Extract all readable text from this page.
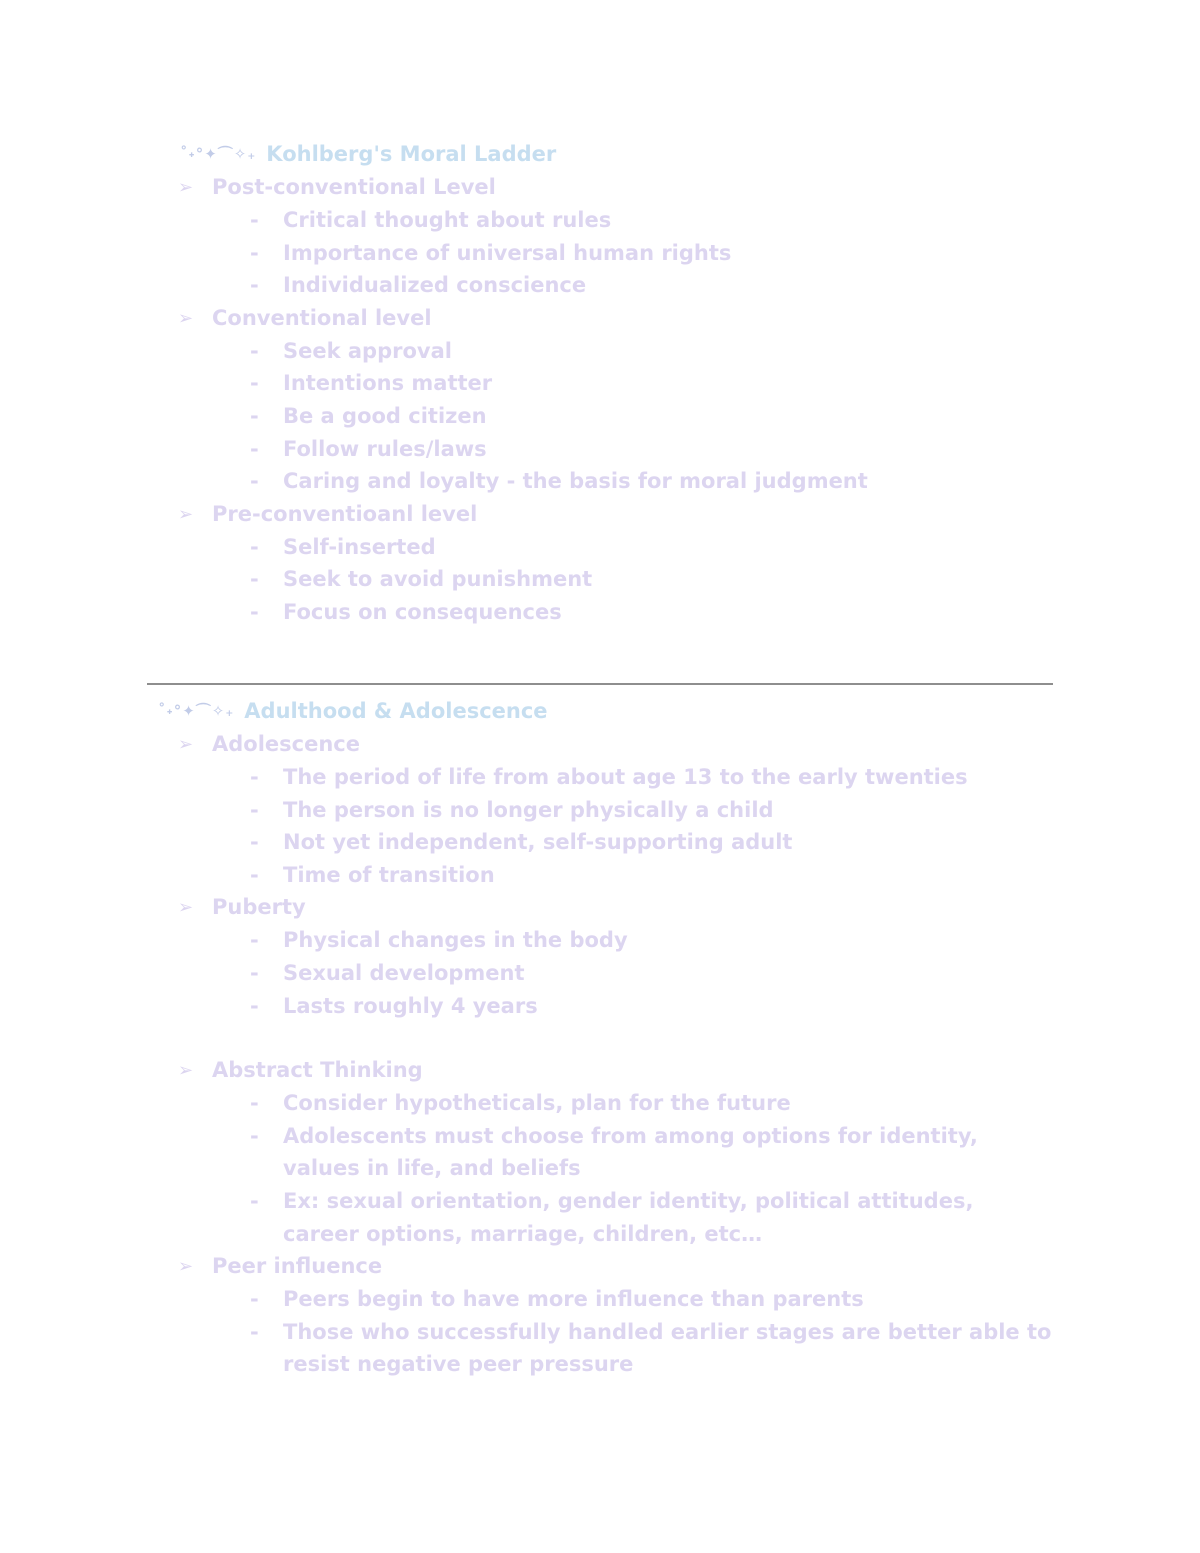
˚˖°✦⌒✧₊ Kohlberg's Moral Ladder
➢ Post-conventional Level
- Critical thought about rules
- Importance of universal human rights
- Individualized conscience
➢ Conventional level
- Seek approval
- Intentions matter
- Be a good citizen
- Follow rules/laws
- Caring and loyalty - the basis for moral judgment
➢ Pre-conventioanl level
- Self-inserted
- Seek to avoid punishment
- Focus on consequences
˚˖°✦⌒✧₊ Adulthood & Adolescence
➢ Adolescence
- The period of life from about age 13 to the early twenties
- The person is no longer physically a child
- Not yet independent, self-supporting adult
- Time of transition
➢ Puberty
- Physical changes in the body
- Sexual development
- Lasts roughly 4 years
➢ Abstract Thinking
- Consider hypotheticals, plan for the future
- Adolescents must choose from among options for identity, values in life, and beliefs
- Ex: sexual orientation, gender identity, political attitudes, career options, marriage, children, etc…
➢ Peer influence
- Peers begin to have more influence than parents
- Those who successfully handled earlier stages are better able to resist negative peer pressure
